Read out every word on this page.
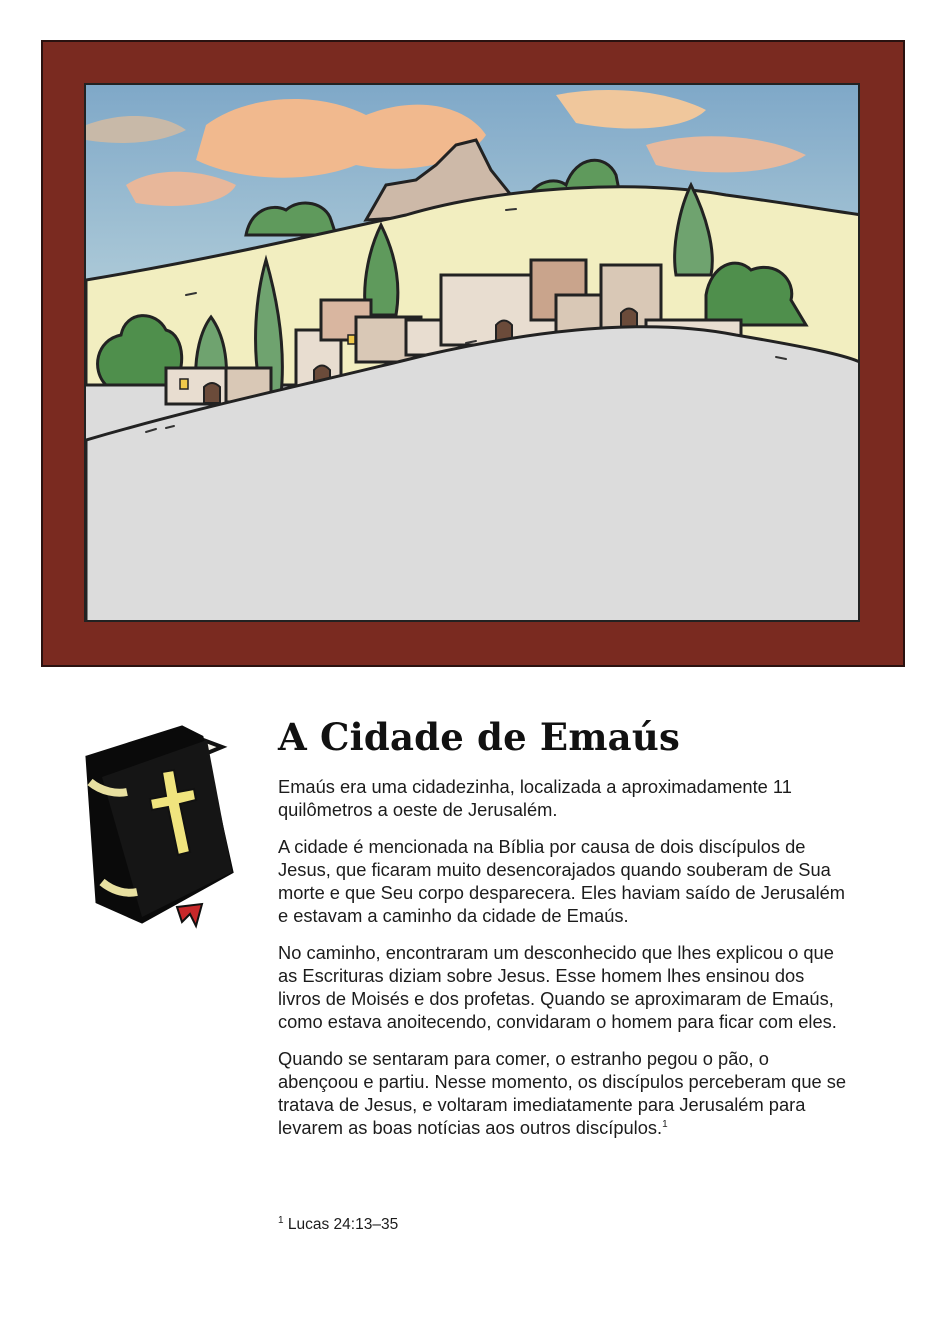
A Cidade de Emaús

Emaús era uma cidadezinha, localizada a aproximadamente 11 quilômetros a oeste de Jerusalém.

A cidade é mencionada na Bíblia por causa de dois discípulos de Jesus, que ficaram muito desencorajados quando souberam de Sua morte e que Seu corpo desparecera. Eles haviam saído de Jerusalém e estavam a caminho da cidade de Emaús.

No caminho, encontraram um desconhecido que lhes explicou o que as Escrituras diziam sobre Jesus. Esse homem lhes ensinou dos livros de Moisés e dos profetas. Quando se aproximaram de Emaús, como estava anoitecendo, convidaram o homem para ficar com eles.

Quando se sentaram para comer, o estranho pegou o pão, o abençoou e partiu. Nesse momento, os discípulos perceberam que se tratava de Jesus, e voltaram imediatamente para Jerusalém para levarem as boas notícias aos outros discípulos.$^1$

$^1$ Lucas 24:13–35
